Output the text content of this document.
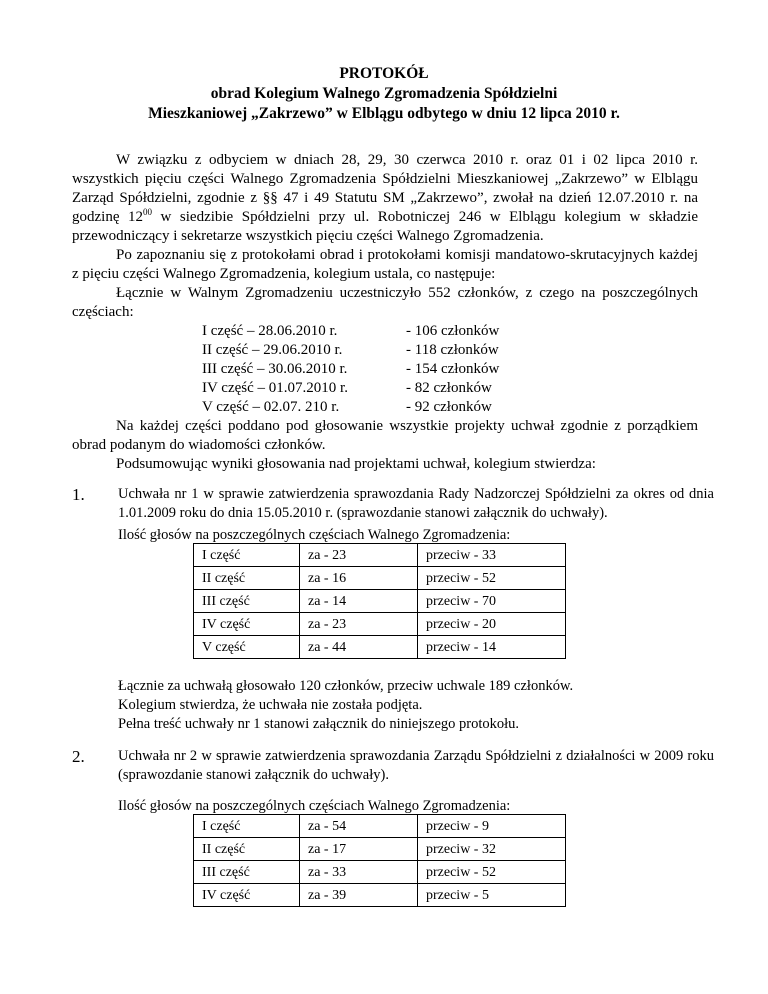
PROTOKÓŁ
obrad Kolegium Walnego Zgromadzenia Spółdzielni
Mieszkaniowej „Zakrzewo” w Elblągu odbytego w dniu 12 lipca 2010 r.
W związku z odbyciem w dniach 28, 29, 30 czerwca 2010 r. oraz 01 i 02 lipca 2010 r. wszystkich pięciu części Walnego Zgromadzenia Spółdzielni Mieszkaniowej „Zakrzewo” w Elblągu Zarząd Spółdzielni, zgodnie z §§ 47 i 49 Statutu SM „Zakrzewo”, zwołał na dzień 12.07.2010 r. na godzinę $12^{00}$ w siedzibie Spółdzielni przy ul. Robotniczej 246 w Elblągu kolegium w składzie przewodniczący i sekretarze wszystkich pięciu części Walnego Zgromadzenia.
Po zapoznaniu się z protokołami obrad i protokołami komisji mandatowo-skrutacyjnych każdej z pięciu części Walnego Zgromadzenia, kolegium ustala, co następuje:
Łącznie w Walnym Zgromadzeniu uczestniczyło 552 członków, z czego na poszczególnych częściach:
I część – 28.06.2010 r.	- 106 członków
II część – 29.06.2010 r.	- 118 członków
III część – 30.06.2010 r.	- 154 członków
IV część – 01.07.2010 r.	- 82 członków
V część – 02.07. 210 r.	- 92 członków
Na każdej części poddano pod głosowanie wszystkie projekty uchwał zgodnie z porządkiem obrad podanym do wiadomości członków.
Podsumowując wyniki głosowania nad projektami uchwał, kolegium stwierdza:
1. Uchwała nr 1 w sprawie zatwierdzenia sprawozdania Rady Nadzorczej Spółdzielni za okres od dnia 1.01.2009 roku do dnia 15.05.2010 r. (sprawozdanie stanowi załącznik do uchwały).
Ilość głosów na poszczególnych częściach Walnego Zgromadzenia:
I część	za - 23	przeciw - 33
II część	za - 16	przeciw - 52
III część	za - 14	przeciw - 70
IV część	za - 23	przeciw - 20
V część	za - 44	przeciw - 14
Łącznie za uchwałą głosowało 120 członków, przeciw uchwale 189 członków.
Kolegium stwierdza, że uchwała nie została podjęta.
Pełna treść uchwały nr 1 stanowi załącznik do niniejszego protokołu.
2. Uchwała nr 2 w sprawie zatwierdzenia sprawozdania Zarządu Spółdzielni z działalności w 2009 roku (sprawozdanie stanowi załącznik do uchwały).
Ilość głosów na poszczególnych częściach Walnego Zgromadzenia:
I część	za - 54	przeciw - 9
II część	za - 17	przeciw - 32
III część	za - 33	przeciw - 52
IV część	za - 39	przeciw - 5
